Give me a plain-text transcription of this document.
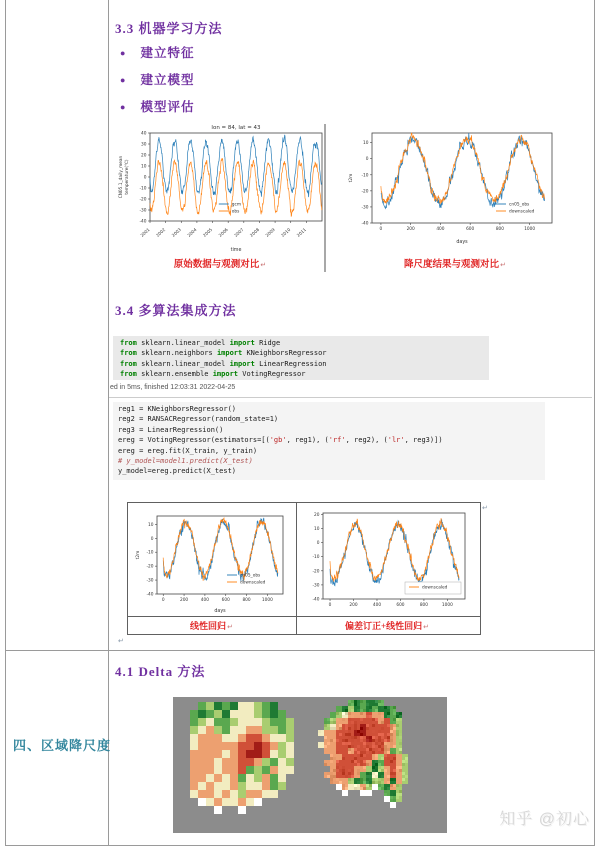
3.3 机器学习方法
● 建立特征
● 建立模型
● 模型评估
-40
-30
-20
-10
0
10
20
30
40
2001 2002 2003 2004 2005 2006 2007 2008 2009 2010 2011
lon = 84, lat = 43
time
CN05.1_daily_mean temperature(℃)
gcm
obs
-40
-30
-20
-10
0
10
0	200	400	600	800	1000
days
t2m
cn05_obs
downscaled
原始数据与观测对比↵	降尺度结果与观测对比↵
3.4 多算法集成方法
from sklearn.linear_model import Ridge
from sklearn.neighbors import KNeighborsRegressor
from sklearn.linear_model import LinearRegression
from sklearn.ensemble import VotingRegressor
ed in 5ms, finished 12:03:31 2022-04-25
reg1 = KNeighborsRegressor()
reg2 = RANSACRegressor(random_state=1)
reg3 = LinearRegression()
ereg = VotingRegressor(estimators=[('gb', reg1), ('rf', reg2), ('lr', reg3)])
ereg = ereg.fit(X_train, y_train)
# y_model=model1.predict(X_test)
y_model=ereg.predict(X_test)
↵
-40
-30
-20
-10
0
10
0	200	400	600	800	1000
days
t2m
cn05_obs
downscaled
-40
-30
-20
-10
0
10
20
0	200	400	600	800	1000
downscaled
线性回归↵	偏差订正+线性回归↵
↵
四、区域降尺度
4.1 Delta 方法
知乎 @初心
